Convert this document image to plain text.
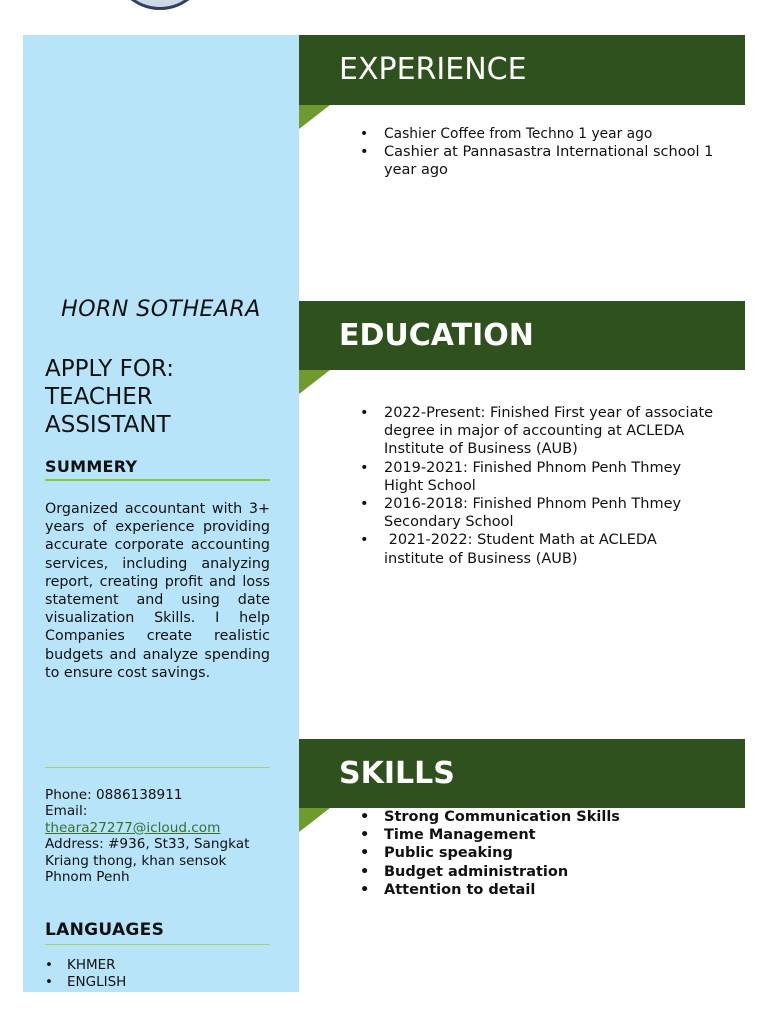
HORN SOTHEARA
APPLY FOR:
TEACHER
ASSISTANT
SUMMERY
Organized accountant with 3+ years of experience providing accurate corporate accounting services, including analyzing report, creating profit and loss statement and using date visualization Skills. I help Companies create realistic budgets and analyze spending to ensure cost savings.
Phone: 0886138911
Email:
theara27277@icloud.com
Address: #936, St33, Sangkat
Kriang thong, khan sensok
Phnom Penh
LANGUAGES
• KHMER
• ENGLISH
EXPERIENCE
• Cashier Coffee from Techno 1 year ago
• Cashier at Pannasastra International school 1 year ago
EDUCATION
• 2022-Present: Finished First year of associate degree in major of accounting at ACLEDA Institute of Business (AUB)
• 2019-2021: Finished Phnom Penh Thmey Hight School
• 2016-2018: Finished Phnom Penh Thmey Secondary School
•  2021-2022: Student Math at ACLEDA institute of Business (AUB)
SKILLS
• Strong Communication Skills
• Time Management
• Public speaking
• Budget administration
• Attention to detail
